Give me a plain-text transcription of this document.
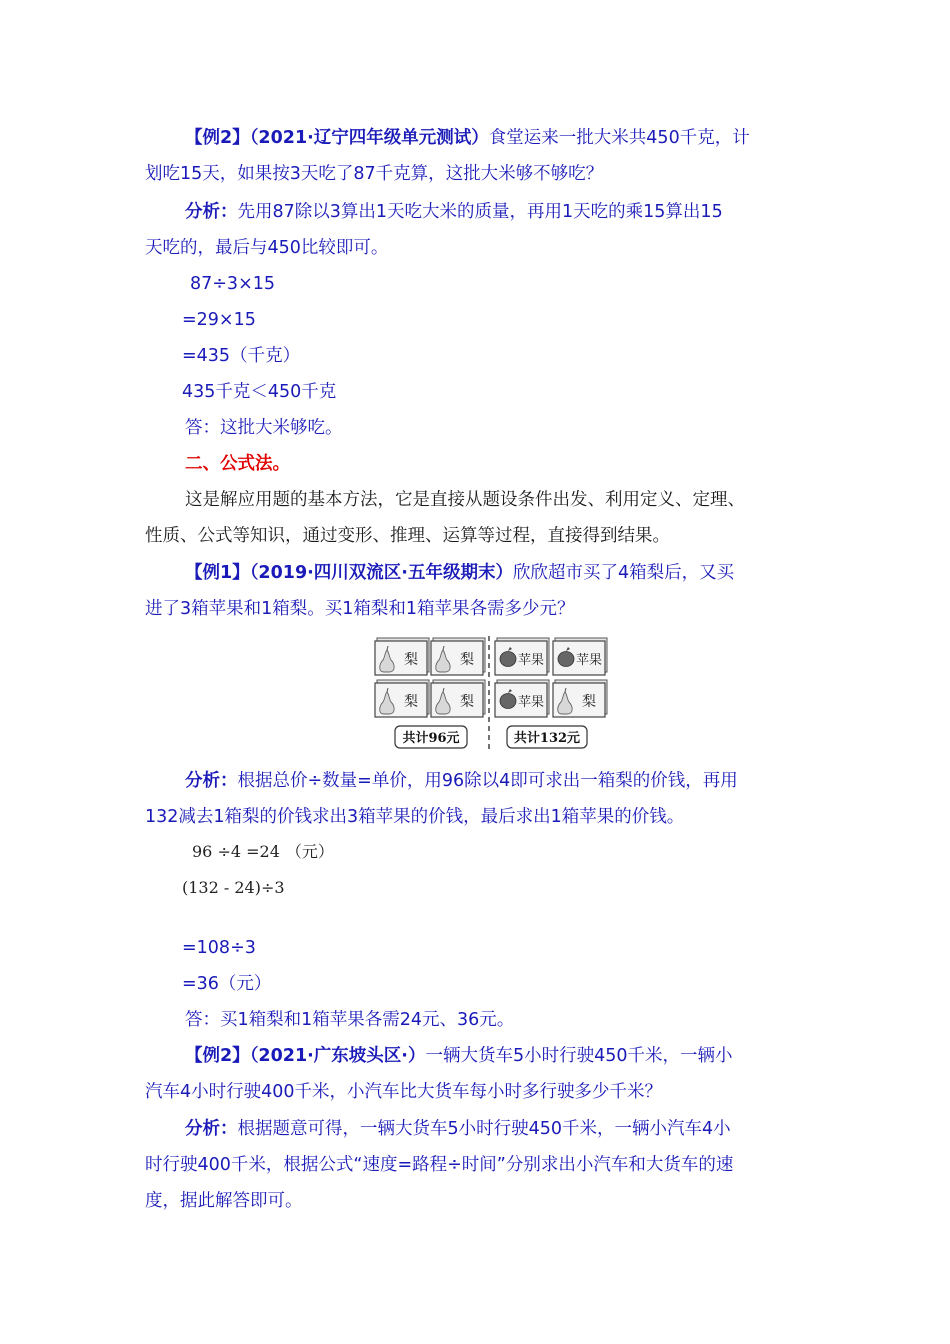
【例2】（2021·辽宁四年级单元测试）食堂运来一批大米共450千克，计
划吃15天，如果按3天吃了87千克算，这批大米够不够吃？
分析：先用87除以3算出1天吃大米的质量，再用1天吃的乘15算出15
天吃的，最后与450比较即可。
87÷3×15
=29×15
=435（千克）
435千克＜450千克
答：这批大米够吃。
二、公式法。
这是解应用题的基本方法，它是直接从题设条件出发、利用定义、定理、
性质、公式等知识，通过变形、推理、运算等过程，直接得到结果。
【例1】（2019·四川双流区·五年级期末）欣欣超市买了4箱梨后，又买
进了3箱苹果和1箱梨。买1箱梨和1箱苹果各需多少元？
梨	梨
梨	梨
苹果 苹果
苹果	梨
共计96元	共计132元
分析：根据总价÷数量=单价，用96除以4即可求出一箱梨的价钱，再用
132减去1箱梨的价钱求出3箱苹果的价钱，最后求出1箱苹果的价钱。
96 ÷4 =24 （元）
(132 - 24)÷3
=108÷3
=36（元）
答：买1箱梨和1箱苹果各需24元、36元。
【例2】（2021·广东坡头区·）一辆大货车5小时行驶450千米，一辆小
汽车4小时行驶400千米，小汽车比大货车每小时多行驶多少千米？
分析：根据题意可得，一辆大货车5小时行驶450千米，一辆小汽车4小
时行驶400千米，根据公式“速度=路程÷时间”分别求出小汽车和大货车的速
度，据此解答即可。
